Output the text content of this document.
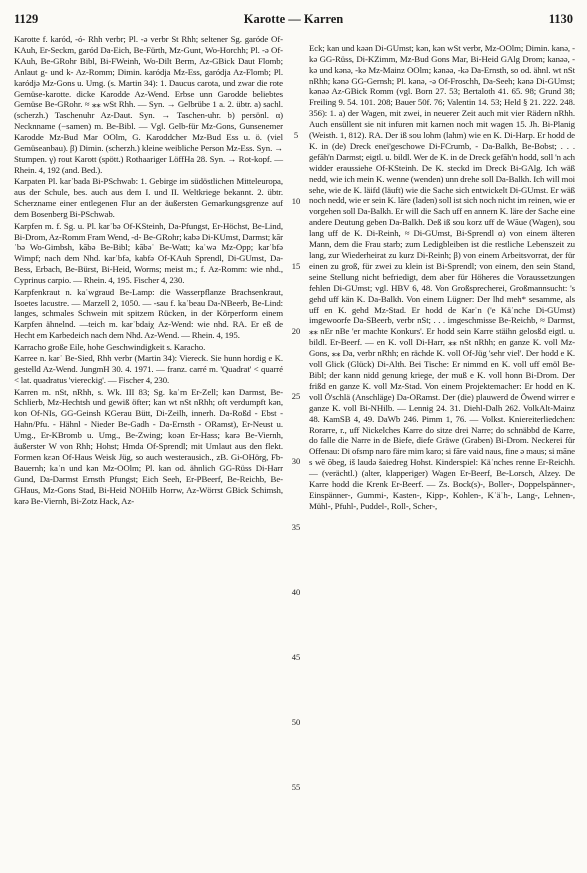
1129	Karotte — Karren	1130

Karotte f. karód, -ó- Rhh verbr; Pl. -ə verbr St Rhh; seltener Sg. garóde Of-KAuh, Er-Seckm, garód Da-Eich, Be-Fürth, Mz-Gunt, Wo-Horchh; Pl. -ə Of-KAuh, Be-GRohr Bibl, Bi-FWeinh, Wo-Dilt Berm, Az-GBick Daut Flomb; Anlaut g- und k- Az-Romm; Dimin. karódja Mz-Ess, garódja Az-Flomb; Pl. karódjə Mz-Gons u. Umg. (s. Martin 34): 1. Daucus carota, und zwar die rote Gemüse-karotte. dicke Karodde Az-Wend. Erbse unn Garodde beliebtes Gemüse Be-GRohr. ≈ ⁎⁎ wSt Rhh. — Syn. → Gelbrübe 1 a. 2. übtr. a) sachl. (scherzh.) Taschenuhr Az-Daut. Syn. → Taschen-uhr. b) persönl. α) Necknname (−samen) m. Be-Bibl. — Vgl. Gelb-für Mz-Gons, Gunsenemer Karodde Mz-Bud Mar OOlm, G. Karoddcher Mz-Bud Ess u. ö. (viel Gemüseanbau). β) Dimin. (scherzh.) kleine weibliche Person Mz-Ess. Syn. → Stumpen. γ) rout Karott (spött.) Rothaariger LöffHa 28. Syn. → Rot-kopf. — Rhein. 4, 192 (and. Bed.).

Karpaten Pl. karˈbada Bi-PSchwab: 1. Gebirge im südöstlichen Mitteleuropa, aus der Schule, bes. auch aus dem I. und II. Weltkriege bekannt. 2. übtr. Scherzname einer entlegenen Flur an der äußersten Gemarkungsgrenze auf dem Bosenberg Bi-PSchwab.

Karpfen m. f. Sg. u. Pl. karˈbə Of-KSteinh, Da-Pfungst, Er-Höchst, Be-Lind, Bi-Drom, Az-Romm Fram Wend, -d- Be-GRohr; kabə Di-KUmst, Darmst; kārˈbə Wo-Gimbsh, kābə Be-Bibl; kābəˈ Be-Watt; kaˈwə Mz-Opp; karˈbfə Wimpf; nach dem Nhd. karˈbfə, kabfə Of-KAuh Sprendl, Di-GUmst, Da-Bess, Erbach, Be-Bürst, Bi-Heid, Worms; meist m.; f. Az-Romm: wie nhd., Cyprinus carpio. — Rhein. 4, 195. Fischer 4, 230.

Karpfenkraut n. kaˈwgraud Be-Lamp: die Wasserpflanze Brachsenkraut, Isoetes lacustre. — Marzell 2, 1050. — -sau f. kaˈbeau Da-NBeerb, Be-Lind: langes, schmales Schwein mit spitzem Rücken, in der Körperform einem Karpfen ähnelnd. —teich m. karˈbdaiχ Az-Wend: wie nhd. RA. Er eß de Hecht em Karbedeich nach dem Nhd. Az-Wend. — Rhein. 4, 195.

Karracho große Eile, hohe Geschwindigkeit s. Karacho.

Karree n. karˈ Be-Sied, Rhh verbr (Martin 34): Viereck. Sie hunn hordig e K. gestelld Az-Wend. JungmH 30. 4. 1971. — franz. carré m. 'Quadrat' < quarré < lat. quadratus 'viereckig'. — Fischer 4, 230.

Karren m. nSt, nRhh, s. Wk. III 83; Sg. kaˈrn Er-Zell; kən Darmst, Be-Schlierb, Mz-Hechtsh und gewiß öfter; kan wt nSt nRhh; oft verdumpft kən, kon Of-NIs, GG-Geinsh KGerau Bütt, Di-Zeilh, innerh. Da-Roßd - Ebst - Hahn/Pfu. - Hähnl - Nieder Be-Gadh - Da-Ernsth - ORamst), Er-Neust u. Umg., Er-KBromb u. Umg., Be-Zwing; koən Er-Hass; karə Be-Viernh, äußerster W von Rhh; Hohst; Hmda Of-Sprendl; mit Umlaut aus den flekt. Formen kɛən Of-Haus Weisk Jüg, so auch westerausich., zB. Gi-OHörg, Fb-Bauernh; kaˈn und kən Mz-OOlm; Pl. kan od. ähnlich GG-Rüss Di-Harr Gund, Da-Darmst Ernsth Pfungst; Eich Seeh, Er-PBeerf, Be-Reichb, Be-GHaus, Mz-Gons Stad, Bi-Heid NOHilb Horrw, Az-Wörrst GBick Schimsh, karə Be-Viernh, Bi-Zotz Hack, Az-

5
10
15
20
25
30
35
40
45
50
55

Eck; kan und kəən Di-GUmst; kən, kən wSt verbr, Mz-OOlm; Dimin. kanə, -kə GG-Rüss, Di-KZimm, Mz-Bud Gons Mar, Bi-Heid GAlg Drom; kanəə, -kə und kənə, -kə Mz-Mainz OOlm; kənəə, -kə Da-Ernsth, so od. ähnl. wt nSt nRhh; kənə GG-Gernsh; Pl. kənə, -ə Of-Froschh, Da-Seeh; kənə Di-GUmst; kənəə Az-GBick Romm (vgl. Born 27. 53; Bertaloth 41. 65. 98; Grund 38; Freiling 9. 54. 101. 208; Bauer 50f. 76; Valentin 14. 53; Held § 21. 222. 248. 356): 1. a) der Wagen, mit zwei, in neuerer Zeit auch mit vier Rädern nRhh. Auch ensüllent sie nit infuren mit karnen noch mit wagen 15. Jh. Bi-Planig (Weisth. 1, 812). RA. Der iß sou lohm (lahm) wie en K. Di-Harp. Er hodd de K. in (de) Dreck enei'geschowe Di-FCrumb, - Da-Balkh, Be-Bobst; . . . gefāh'n Darmst; eigtl. u. bildl. Wer de K. in de Dreck gefāh'n hodd, soll 'n ach widder eraussiehe Of-KSteinh. De K. steckd im Dreck Bi-GAlg. Ich wäß nedd, wie ich mein K. wenne (wenden) unn drehe soll Da-Balkh. Ich will moi sehe, wie de K. läifd (läuft) wie die Sache sich entwickelt Di-GUmst. Er wäß noch nedd, wie er sein K. lāre (laden) soll ist sich noch nicht im reinen, wie er vorgehen soll Da-Balkh. Er will die Sach uff en annern K. läre der Sache eine andere Deutung geben Da-Balkh. Deß iß sou korz uff de Wāue (Wagen), sou lang uff de K. Di-Reinh, ≈ Di-GUmst, Bi-Sprendl α) von einem älteren Mann, dem die Frau starb; zum Ledigbleiben ist die restliche Lebenszeit zu lang, zur Wiederheirat zu kurz Di-Reinh; β) von einem Arbeitsvorrat, der für einen zu groß, für zwei zu klein ist Bi-Sprendl; von einem, den sein Stand, seine Stellung nicht befriedigt, dem aber für Höheres die Voraussetzungen fehlen Di-GUmst; vgl. HBV 6, 48. Von Großsprecherei, Großmannsucht: 's gehd uff kän K. Da-Balkh. Von einem Lügner: Der lhd meh* sesamme, als uff en K. gehd Mz-Stad. Er hodd de Karˈn ('e Käˈnche Di-GUmst) imgewoorfe Da-SBeerb, verbr nSt; . . . imgeschmisse Be-Reichb, ≈ Darmst, ⁎⁎ nEr nBe 'er machte Konkurs'. Er hodd sein Karre stäihn gelosßd eigtl. u. bildl. Er-Beerf. — en K. voll Di-Harr, ⁎⁎ nSt nRhh; en ganze K. voll Mz-Gons, ⁎⁎ Da, verbr nRhh; en rächde K. voll Of-Jüg 'sehr viel'. Der hodd e K. voll Glick (Glück) Di-Alth. Bei Tische: Er nimmd en K. voll uff emöl Be-Bibl; der kann nidd genung kriege, der muß e K. voll honn Bi-Drom. Der frißd en ganze K. voll Mz-Stad. Von einem Projektemacher: Er hodd en K. voll Ö'schlä (Anschläge) Da-ORamst. Der (die) plauwerd de Öwend wirrer e ganze K. voll Bi-NHilb. — Lennig 24. 31. Diehl-Dalh 262. VolkAlt-Mainz 48. KamSB 4, 49. DaWb 246. Pimm 1, 76. — Volkst. Kniereiterliedchen: Rorarre, r., uff Nickelches Karre do sitze drei Narre; do schnäbbd de Karre, do falle die Narre in de Biefe, diefe Gräwe (Graben) Bi-Drom. Neckerei für Offenau: Di ofsmp naro färe mim karo; si fāre vaid naus, fine ə maus; si māne s wē ōbeg, iš laudə šaiedreg Hohst. Kinderspiel: Käˈnches renne Er-Reichh. — (verächtl.) (alter, klapperiger) Wagen Er-Beerf, Be-Lorsch, Alzey. De Karre hodd die Krenk Er-Beerf. — Zs. Bock(s)-, Boller-, Doppelspänner-, Einspänner-, Gummi-, Kasten-, Kipp-, Kohlen-, Kˈäˈh-, Lang-, Lehnen-, Mühl-, Pfuhl-, Puddel-, Roll-, Scher-,
